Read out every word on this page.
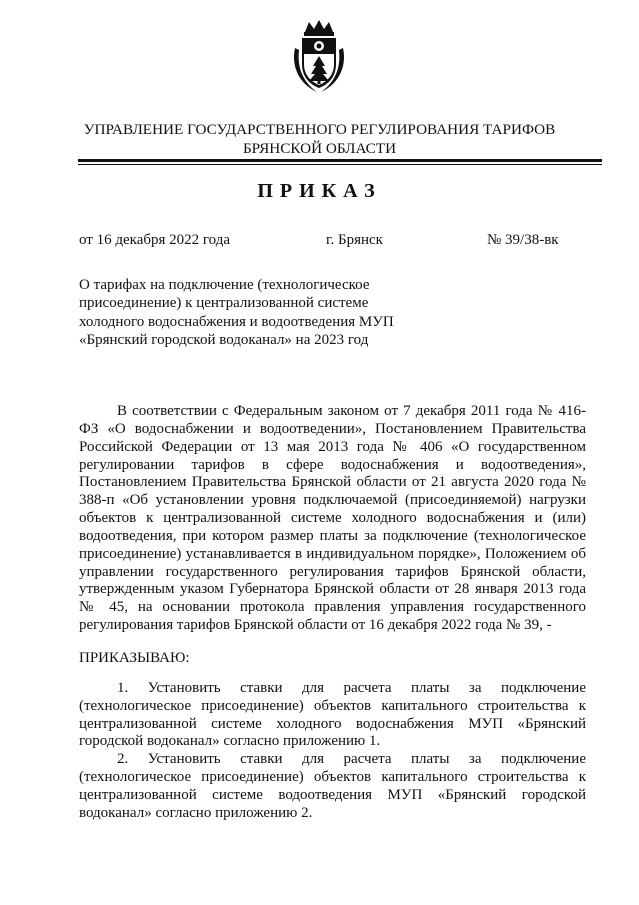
УПРАВЛЕНИЕ ГОСУДАРСТВЕННОГО РЕГУЛИРОВАНИЯ ТАРИФОВ
БРЯНСКОЙ ОБЛАСТИ
ПРИКАЗ
от 16 декабря 2022 года	г. Брянск	№ 39/38-вк
О тарифах на подключение (технологическое
присоединение) к централизованной системе
холодного водоснабжения и водоотведения МУП
«Брянский городской водоканал» на 2023 год
В соответствии с Федеральным законом от 7 декабря 2011 года № 416-ФЗ «О водоснабжении и водоотведении», Постановлением Правительства Российской Федерации от 13 мая 2013 года № 406 «О государственном регулировании тарифов в сфере водоснабжения и водоотведения», Постановлением Правительства Брянской области от 21 августа 2020 года № 388-п «Об установлении уровня подключаемой (присоединяемой) нагрузки объектов к централизованной системе холодного водоснабжения и (или) водоотведения, при котором размер платы за подключение (технологическое присоединение) устанавливается в индивидуальном порядке», Положением об управлении государственного регулирования тарифов Брянской области, утвержденным указом Губернатора Брянской области от 28 января 2013 года № 45, на основании протокола правления управления государственного регулирования тарифов Брянской области от 16 декабря 2022 года № 39, -
ПРИКАЗЫВАЮ:

1. Установить ставки для расчета платы за подключение (технологическое присоединение) объектов капитального строительства к централизованной системе холодного водоснабжения МУП «Брянский городской водоканал» согласно приложению 1.

2. Установить ставки для расчета платы за подключение (технологическое присоединение) объектов капитального строительства к централизованной системе водоотведения МУП «Брянский городской водоканал» согласно приложению 2.
